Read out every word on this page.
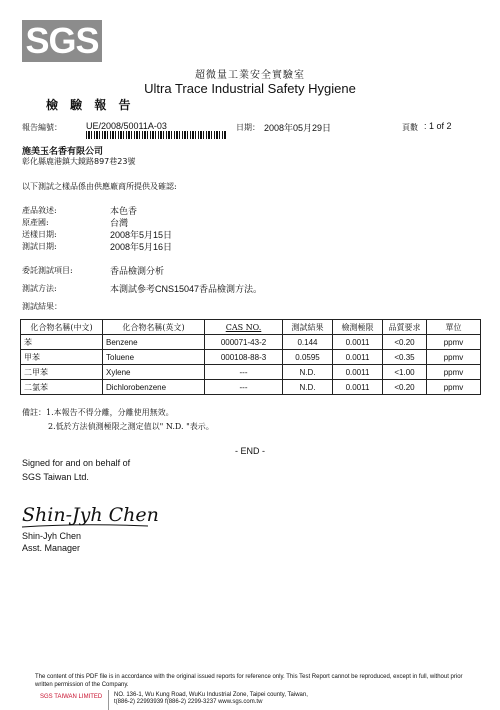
SGS
超微量工業安全實驗室
Ultra Trace Industrial Safety Hygiene
檢 驗 報 告
報告編號：	UE/2008/50011A-03	日期： 2008年05月29日	頁數 : 1 of 2
施美玉名香有限公司
彰化縣鹿港鎮大鏡路897巷23號
以下測試之樣品係由供應廠商所提供及確認:
產品敘述:	本色香
原產國:	台灣
送樣日期:	2008年5月15日
測試日期:	2008年5月16日
委託測試項目:	香品檢測分析
測試方法:	本測試參考CNS15047香品檢測方法。
測試結果：
化合物名稱(中文)	化合物名稱(英文)	CAS NO.	測試結果	檢測極限	品質要求	單位
苯	Benzene	000071-43-2	0.144	0.0011	<0.20	ppmv
甲苯	Toluene	000108-88-3	0.0595	0.0011	<0.35	ppmv
二甲苯	Xylene	---	N.D.	0.0011	<1.00	ppmv
二氯苯	Dichlorobenzene	---	N.D.	0.0011	<0.20	ppmv
備註：1.本報告不得分離，分離使用無效。
2.低於方法偵測極限之測定值以" N.D. "表示。
- END -
Signed for and on behalf of
SGS Taiwan Ltd.
Shin-Jyh Chen
Shin-Jyh Chen
Asst. Manager
The content of this PDF file is in accordance with the original issued reports for reference only. This Test Report cannot be reproduced, except in full, without prior written permission of the Company.
SGS TAIWAN LIMITED NO. 136-1, Wu Kung Road, WuKu Industrial Zone, Taipei county, Taiwan,
t(886-2) 22993939 f(886-2) 2299-3237 www.sgs.com.tw
